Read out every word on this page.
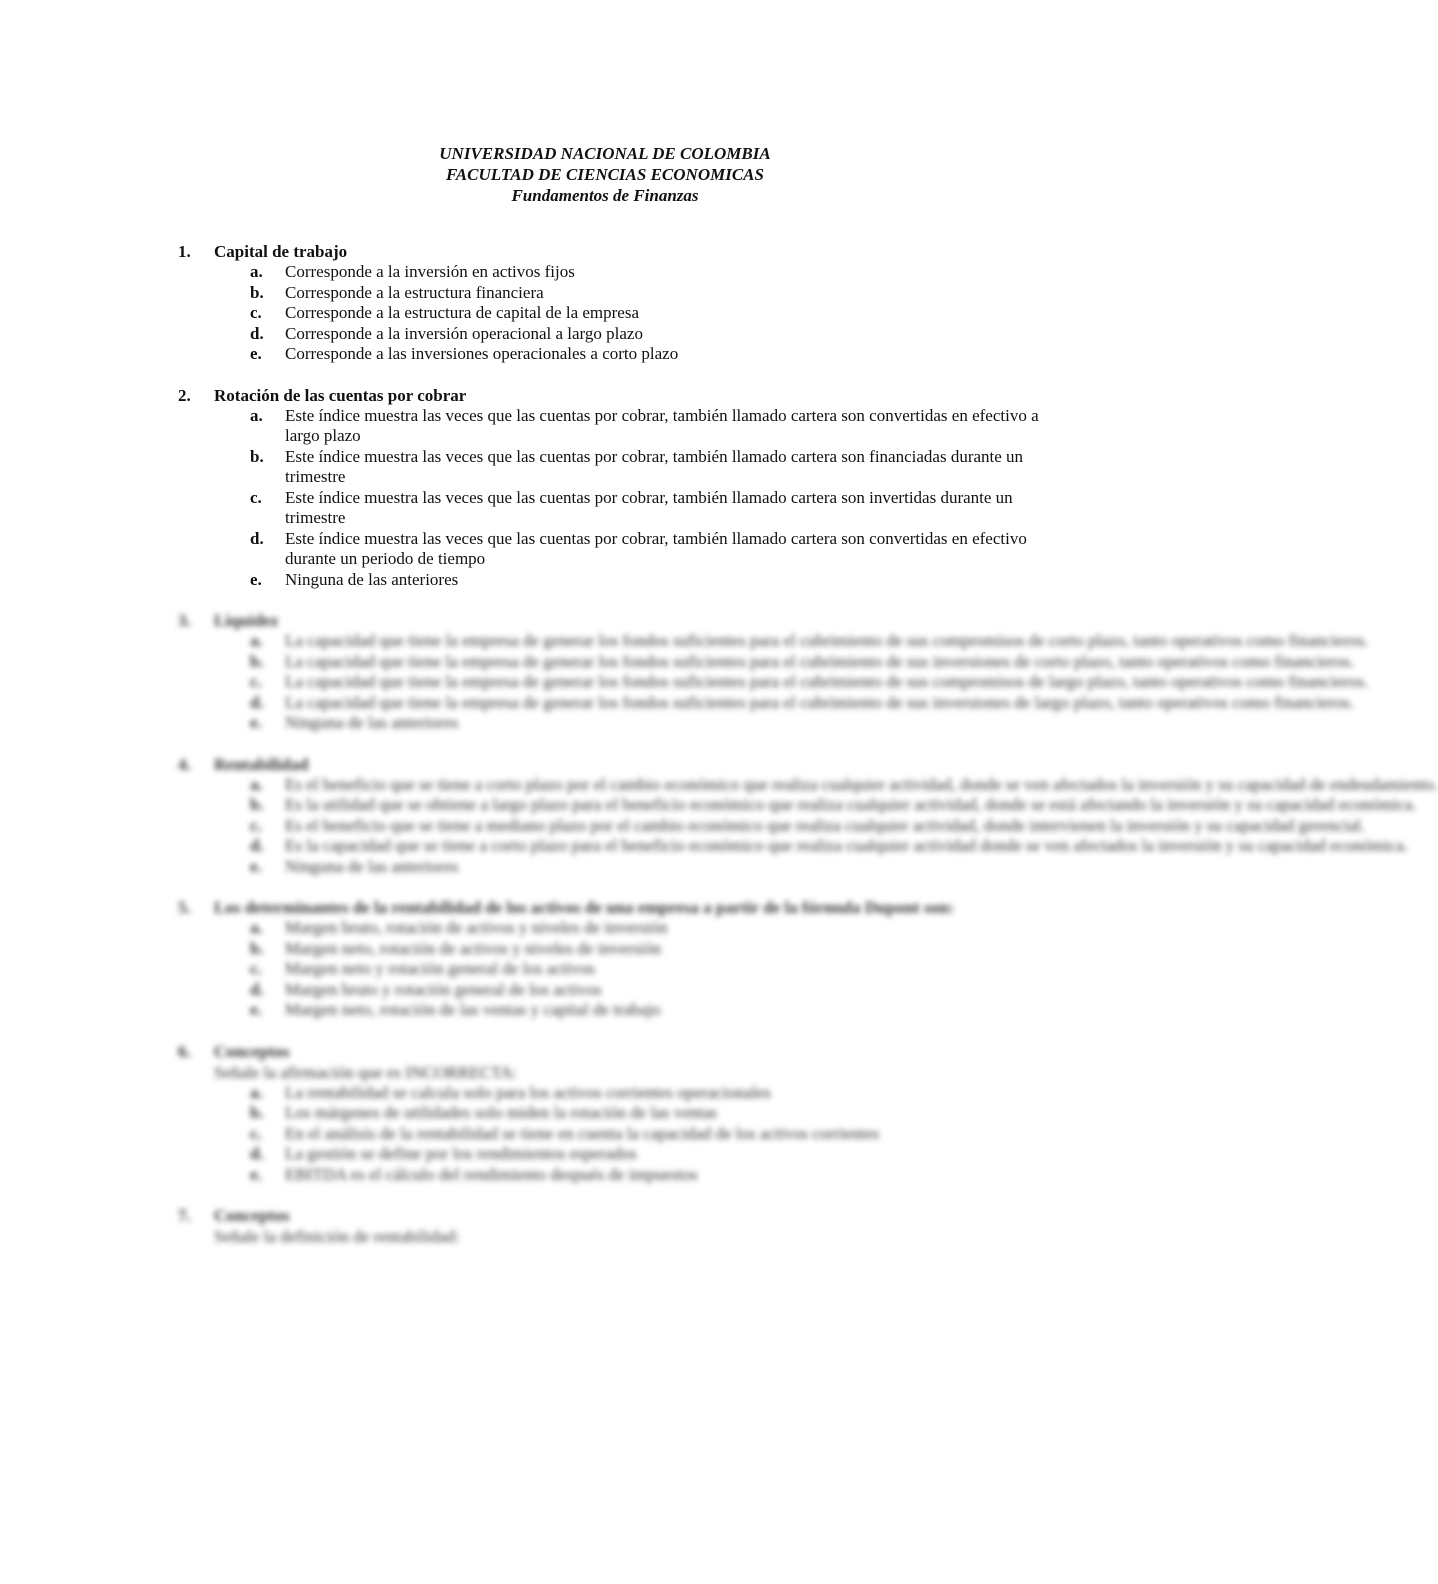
UNIVERSIDAD NACIONAL DE COLOMBIA
FACULTAD DE CIENCIAS ECONOMICAS
Fundamentos de Finanzas
1.	Capital de trabajo
a. Corresponde a la inversión en activos fijos
b. Corresponde a la estructura financiera
c. Corresponde a la estructura de capital de la empresa
d. Corresponde a la inversión operacional a largo plazo
e. Corresponde a las inversiones operacionales a corto plazo
2.	Rotación de las cuentas por cobrar
a. Este índice muestra las veces que las cuentas por cobrar, también llamado cartera son convertidas en efectivo a largo plazo
b. Este índice muestra las veces que las cuentas por cobrar, también llamado cartera son financiadas durante un trimestre
c. Este índice muestra las veces que las cuentas por cobrar, también llamado cartera son invertidas durante un trimestre
d. Este índice muestra las veces que las cuentas por cobrar, también llamado cartera son convertidas en efectivo durante un periodo de tiempo
e. Ninguna de las anteriores
3.	Liquidez
a. La capacidad que tiene la empresa de generar los fondos suficientes para el cubrimiento de sus compromisos de corto plazo, tanto operativos como financieros.
b. La capacidad que tiene la empresa de generar los fondos suficientes para el cubrimiento de sus inversiones de corto plazo, tanto operativos como financieros.
c. La capacidad que tiene la empresa de generar los fondos suficientes para el cubrimiento de sus compromisos de largo plazo, tanto operativos como financieros.
d. La capacidad que tiene la empresa de generar los fondos suficientes para el cubrimiento de sus inversiones de largo plazo, tanto operativos como financieros.
e. Ninguna de las anteriores
4.	Rentabilidad
a. Es el beneficio que se tiene a corto plazo por el cambio económico que realiza cualquier actividad, donde se ven afectados la inversión y su capacidad de endeudamiento.
b. Es la utilidad que se obtiene a largo plazo para el beneficio económico que realiza cualquier actividad, donde se está afectando la inversión y su capacidad económica.
c. Es el beneficio que se tiene a mediano plazo por el cambio económico que realiza cualquier actividad, donde intervienen la inversión y su capacidad gerencial.
d. Es la capacidad que se tiene a corto plazo para el beneficio económico que realiza cualquier actividad donde se ven afectados la inversión y su capacidad económica.
e. Ninguna de las anteriores
5.	Los determinantes de la rentabilidad de los activos de una empresa a partir de la fórmula Dupont son:
a. Margen bruto, rotación de activos y niveles de inversión
b. Margen neto, rotación de activos y niveles de inversión
c. Margen neto y rotación general de los activos
d. Margen bruto y rotación general de los activos
e. Margen neto, rotación de las ventas y capital de trabajo
6.	Conceptos
Señale la afirmación que es INCORRECTA:
a. La rentabilidad se calcula solo para los activos corrientes operacionales
b. Los márgenes de utilidades solo miden la rotación de las ventas
c. En el análisis de la rentabilidad se tiene en cuenta la capacidad de los activos corrientes
d. La gestión se define por los rendimientos esperados
e. EBITDA es el cálculo del rendimiento después de impuestos
7.	Conceptos
Señale la definición de rentabilidad:
